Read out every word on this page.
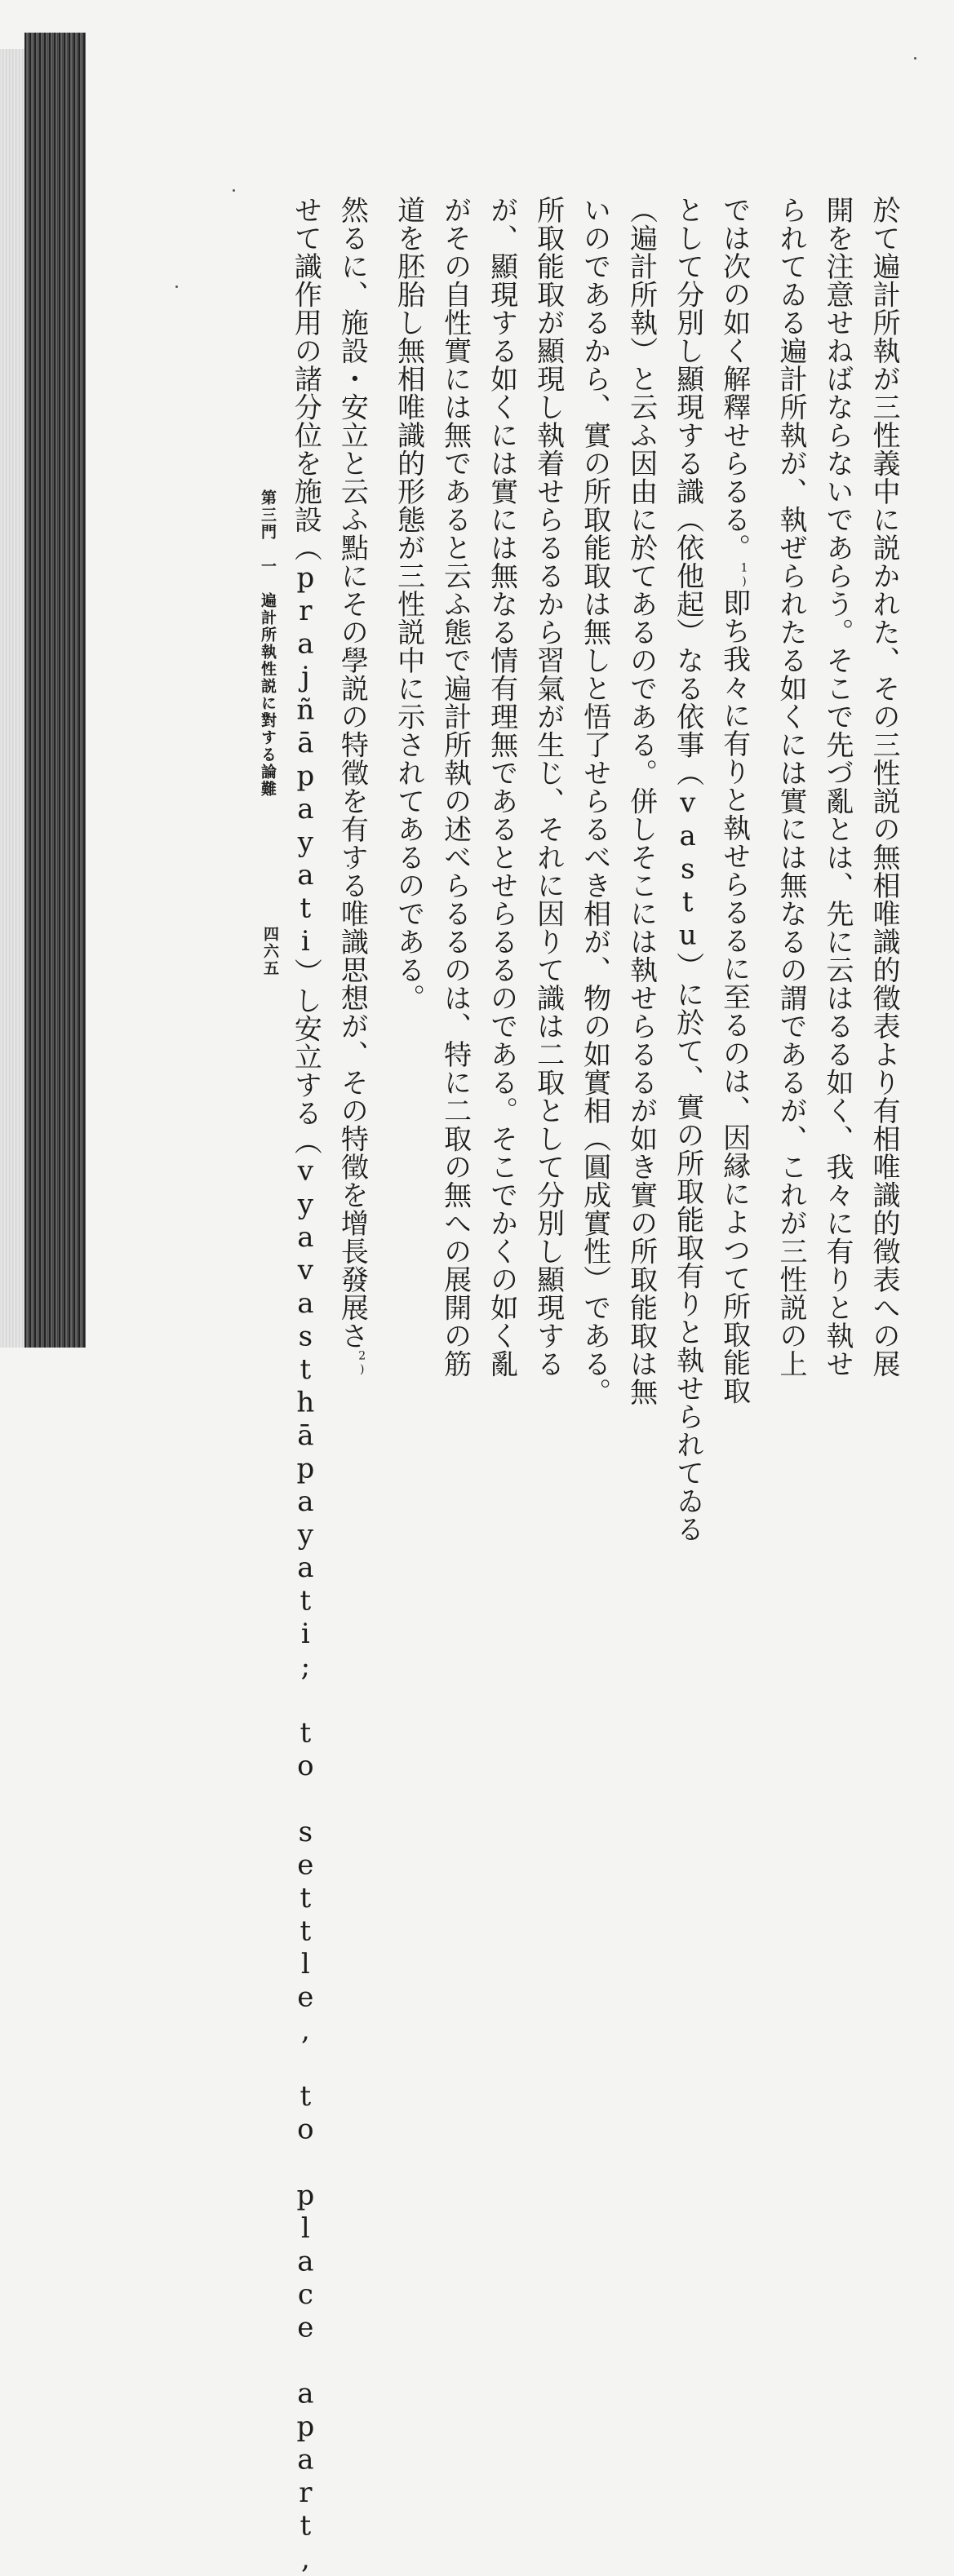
於て遍計所執が三性義中に説かれた、その三性説の無相唯識的徵表より有相唯識的徵表への展
開を注意せねばならないであらう。そこで先づ亂とは、先に云はるる如く、我々に有りと執せ
られてゐる遍計所執が、執ぜられたる如くには實には無なるの謂であるが、これが三性説の上
では次の如く解釋せらるる。$^{1)}$即ち我々に有りと執せらるるに至るのは、因縁によつて所取能取
として分別し顯現する識（依他起）なる依事（vastu）に於て、實の所取能取有りと執せられてゐる
（遍計所執）と云ふ因由に於てあるのである。併しそこには執せらるるが如き實の所取能取は無
いのであるから、實の所取能取は無しと悟了せらるべき相が、物の如實相（圓成實性）である。
所取能取が顯現し執着せらるるから習氣が生じ、それに因りて識は二取として分別し顯現する
が、顯現する如くには實には無なる情有理無であるとせらるるのである。そこでかくの如く亂
がその自性實には無であると云ふ態で遍計所執の述べらるるのは、特に二取の無への展開の筋
道を胚胎し無相唯識的形態が三性説中に示されてあるのである。
然るに、施設・安立と云ふ點にその學説の特徵を有する唯識思想が、その特徵を增長發展さ$^{2)}$
せて識作用の諸分位を施設（prajñāpayati）し安立する（vyavasthāpayati; to settle, to place apart,
第三門　一　遍計所執性説に對する論難
四六五
